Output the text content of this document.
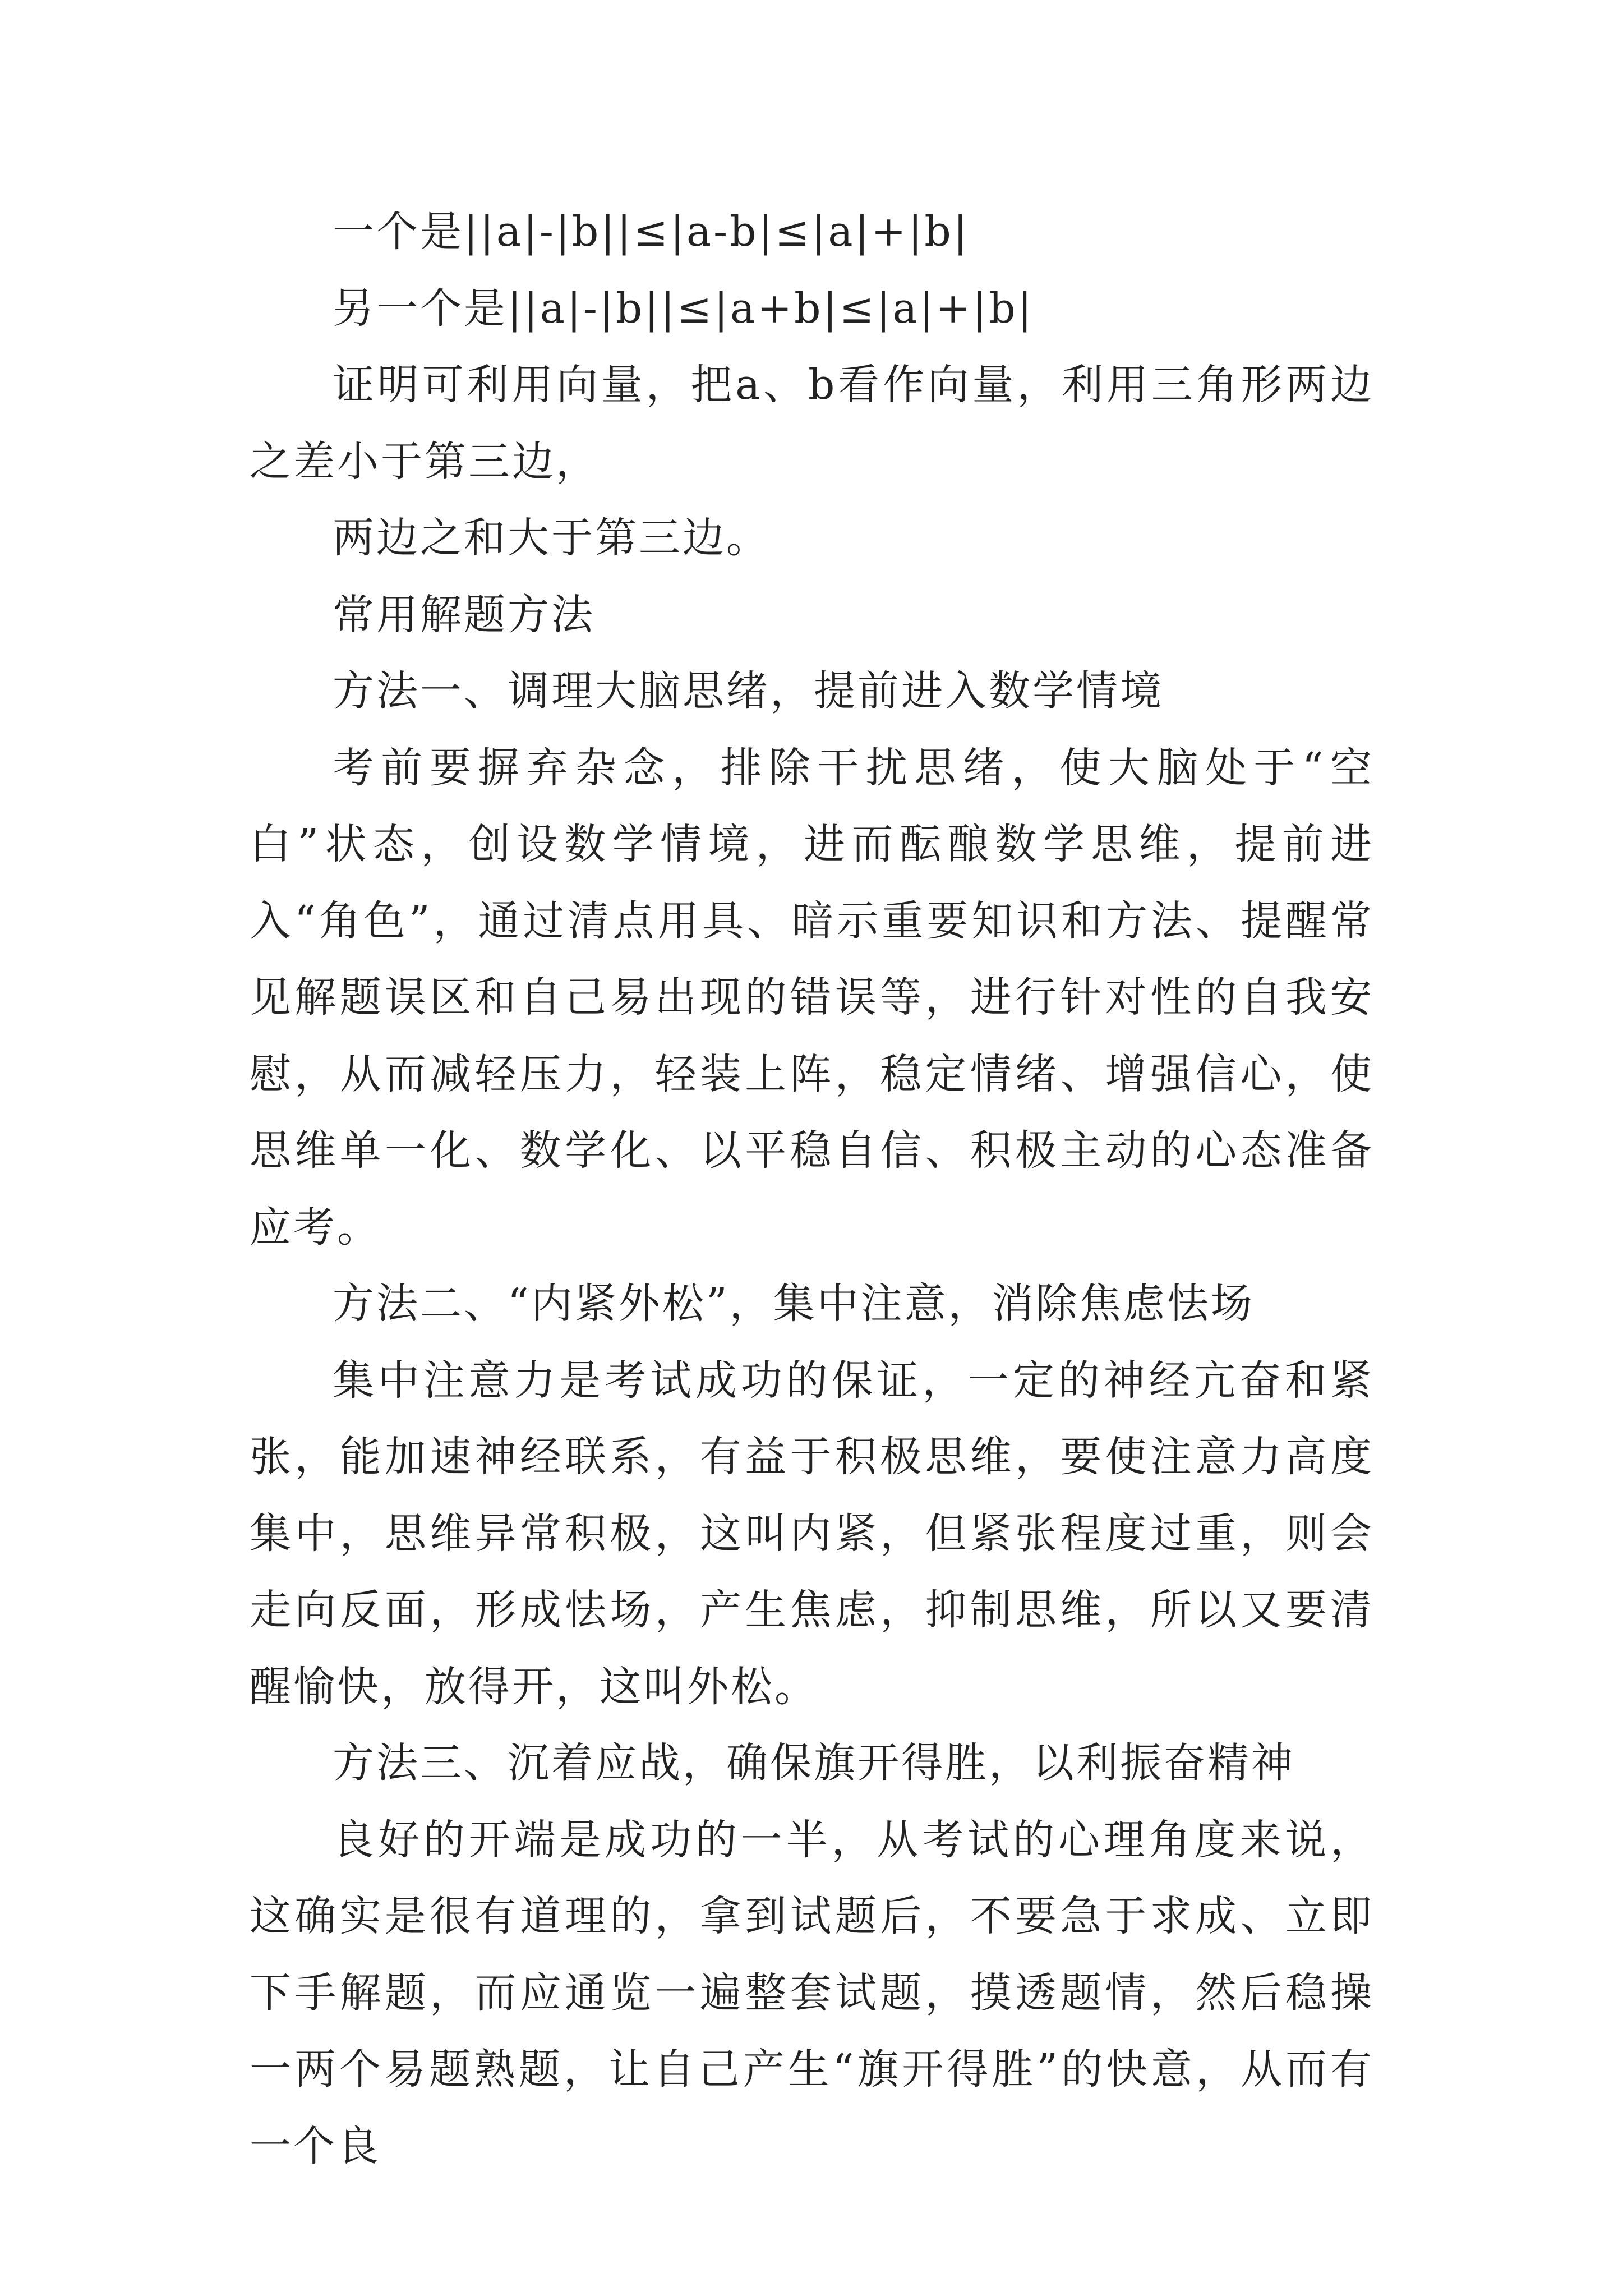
一个是||a|-|b||≤|a-b|≤|a|+|b|

另一个是||a|-|b||≤|a+b|≤|a|+|b|

证明可利用向量，把a、b看作向量，利用三角形两边之差小于第三边，

两边之和大于第三边。

常用解题方法

方法一、调理大脑思绪，提前进入数学情境

考前要摒弃杂念，排除干扰思绪，使大脑处于“空白”状态，创设数学情境，进而酝酿数学思维，提前进入“角色”，通过清点用具、暗示重要知识和方法、提醒常见解题误区和自己易出现的错误等，进行针对性的自我安慰，从而减轻压力，轻装上阵，稳定情绪、增强信心，使思维单一化、数学化、以平稳自信、积极主动的心态准备应考。

方法二、“内紧外松”，集中注意，消除焦虑怯场

集中注意力是考试成功的保证，一定的神经亢奋和紧张，能加速神经联系，有益于积极思维，要使注意力高度集中，思维异常积极，这叫内紧，但紧张程度过重，则会走向反面，形成怯场，产生焦虑，抑制思维，所以又要清醒愉快，放得开，这叫外松。

方法三、沉着应战，确保旗开得胜，以利振奋精神

良好的开端是成功的一半，从考试的心理角度来说，这确实是很有道理的，拿到试题后，不要急于求成、立即下手解题，而应通览一遍整套试题，摸透题情，然后稳操一两个易题熟题，让自己产生“旗开得胜”的快意，从而有一个良
